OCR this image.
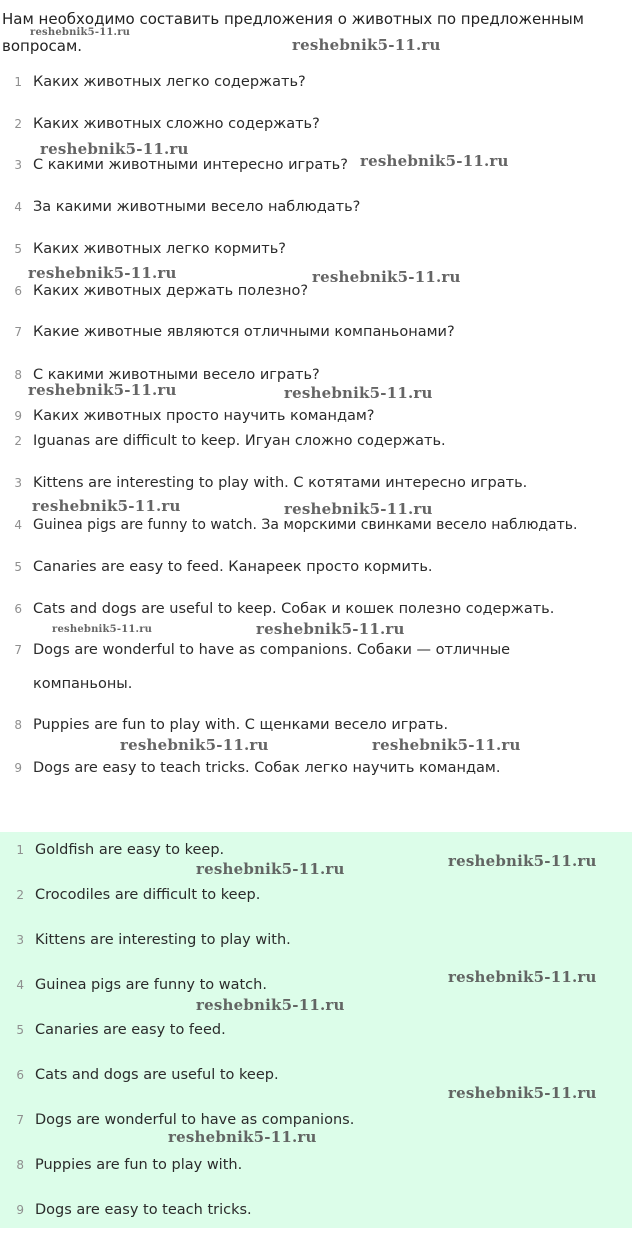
Нам необходимо составить предложения о животных по предложенным
вопросам.
1 Каких животных легко содержать?
2 Каких животных сложно содержать?
3 С какими животными интересно играть?
4 За какими животными весело наблюдать?
5 Каких животных легко кормить?
6 Каких животных держать полезно?
7 Какие животные являются отличными компаньонами?
8 С какими животными весело играть?
9 Каких животных просто научить командам?
2 Iguanas are difficult to keep. Игуан сложно содержать.
3 Kittens are interesting to play with. С котятами интересно играть.
4 Guinea pigs are funny to watch. За морскими свинками весело наблюдать.
5 Canaries are easy to feed. Канареек просто кормить.
6 Cats and dogs are useful to keep. Собак и кошек полезно содержать.
7 Dogs are wonderful to have as companions. Собаки — отличные
компаньоны.
8 Puppies are fun to play with. С щенками весело играть.
9 Dogs are easy to teach tricks. Собак легко научить командам.
1 Goldfish are easy to keep.
2 Crocodiles are difficult to keep.
3 Kittens are interesting to play with.
4 Guinea pigs are funny to watch.
5 Canaries are easy to feed.
6 Cats and dogs are useful to keep.
7 Dogs are wonderful to have as companions.
8 Puppies are fun to play with.
9 Dogs are easy to teach tricks.
reshebnik5-11.ru
reshebnik5-11.ru
reshebnik5-11.ru
reshebnik5-11.ru
reshebnik5-11.ru	reshebnik5-11.ru
reshebnik5-11.ru	reshebnik5-11.ru
reshebnik5-11.ru	reshebnik5-11.ru
reshebnik5-11.ru	reshebnik5-11.ru
reshebnik5-11.ru	reshebnik5-11.ru
reshebnik5-11.ru
reshebnik5-11.ru
reshebnik5-11.ru
reshebnik5-11.ru
reshebnik5-11.ru
reshebnik5-11.ru
